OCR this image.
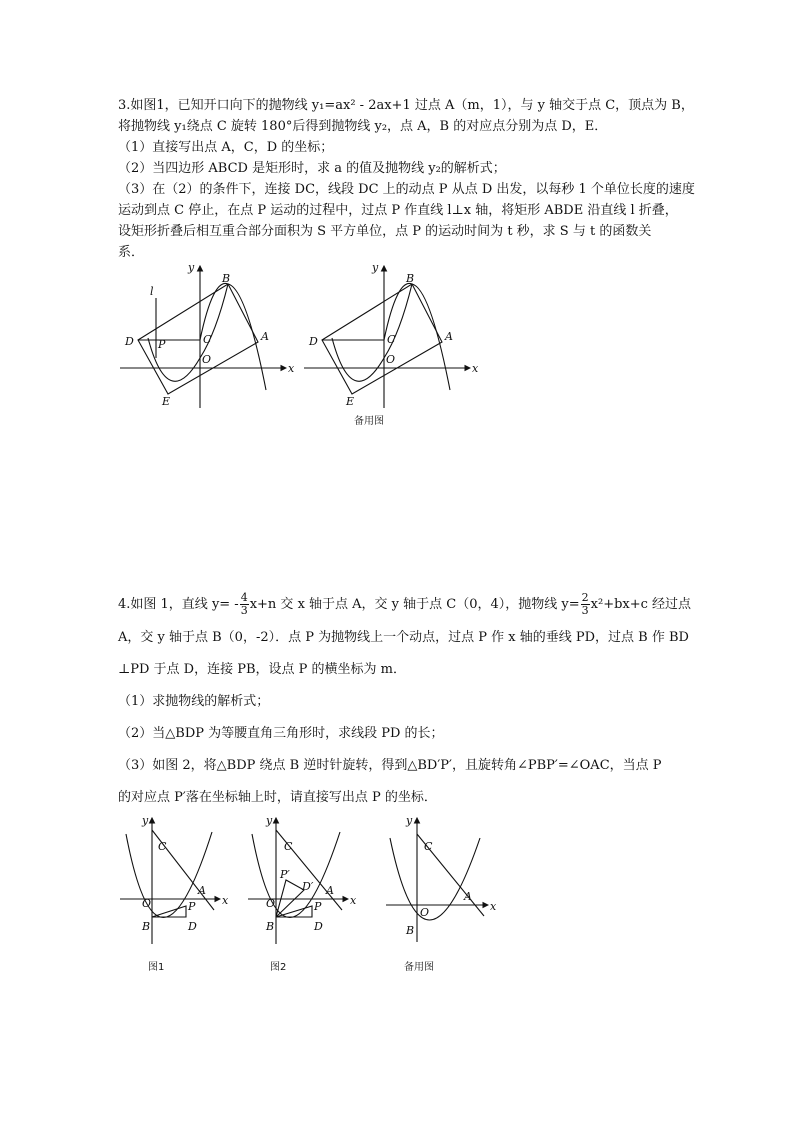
3.如图1，已知开口向下的抛物线 y₁=ax² - 2ax+1 过点 A（m，1），与 y 轴交于点 C，顶点为 B，
将抛物线 y₁绕点 C 旋转 180°后得到抛物线 y₂，点 A，B 的对应点分别为点 D，E．
（1）直接写出点 A，C，D 的坐标；
（2）当四边形 ABCD 是矩形时，求 a 的值及抛物线 y₂的解析式；
（3）在（2）的条件下，连接 DC，线段 DC 上的动点 P 从点 D 出发，以每秒 1 个单位长度的速度
运动到点 C 停止，在点 P 运动的过程中，过点 P 作直线 l⊥x 轴，将矩形 ABDE 沿直线 l 折叠，
设矩形折叠后相互重合部分面积为 S 平方单位，点 P 的运动时间为 t 秒，求 S 与 t 的函数关
系．
y
x
B
A
C
D P
O
E
l
y
x
B
A
C
D
O
E
备用图
4.如图 1，直线 $y= - \frac{4}{3} x+n$ 交 x 轴于点 A，交 y 轴于点 C（0，4），抛物线 $y= \frac{2}{3} x^2+bx+c$ 经过点
A，交 y 轴于点 B（0，-2）．点 P 为抛物线上一个动点，过点 P 作 x 轴的垂线 PD，过点 B 作 BD
⊥PD 于点 D，连接 PB，设点 P 的横坐标为 m．
（1）求抛物线的解析式；
（2）当△BDP 为等腰直角三角形时，求线段 PD 的长；
（3）如图 2，将△BDP 绕点 B 逆时针旋转，得到△BD′P′，且旋转角∠PBP′=∠OAC，当点 P
的对应点 P′落在坐标轴上时，请直接写出点 P 的坐标．
y
x
C
A
O	P
B	D
图1
y
x
C
A
O	P
B	D
P′
D′
图2
y
x
C
A
O
B
备用图
